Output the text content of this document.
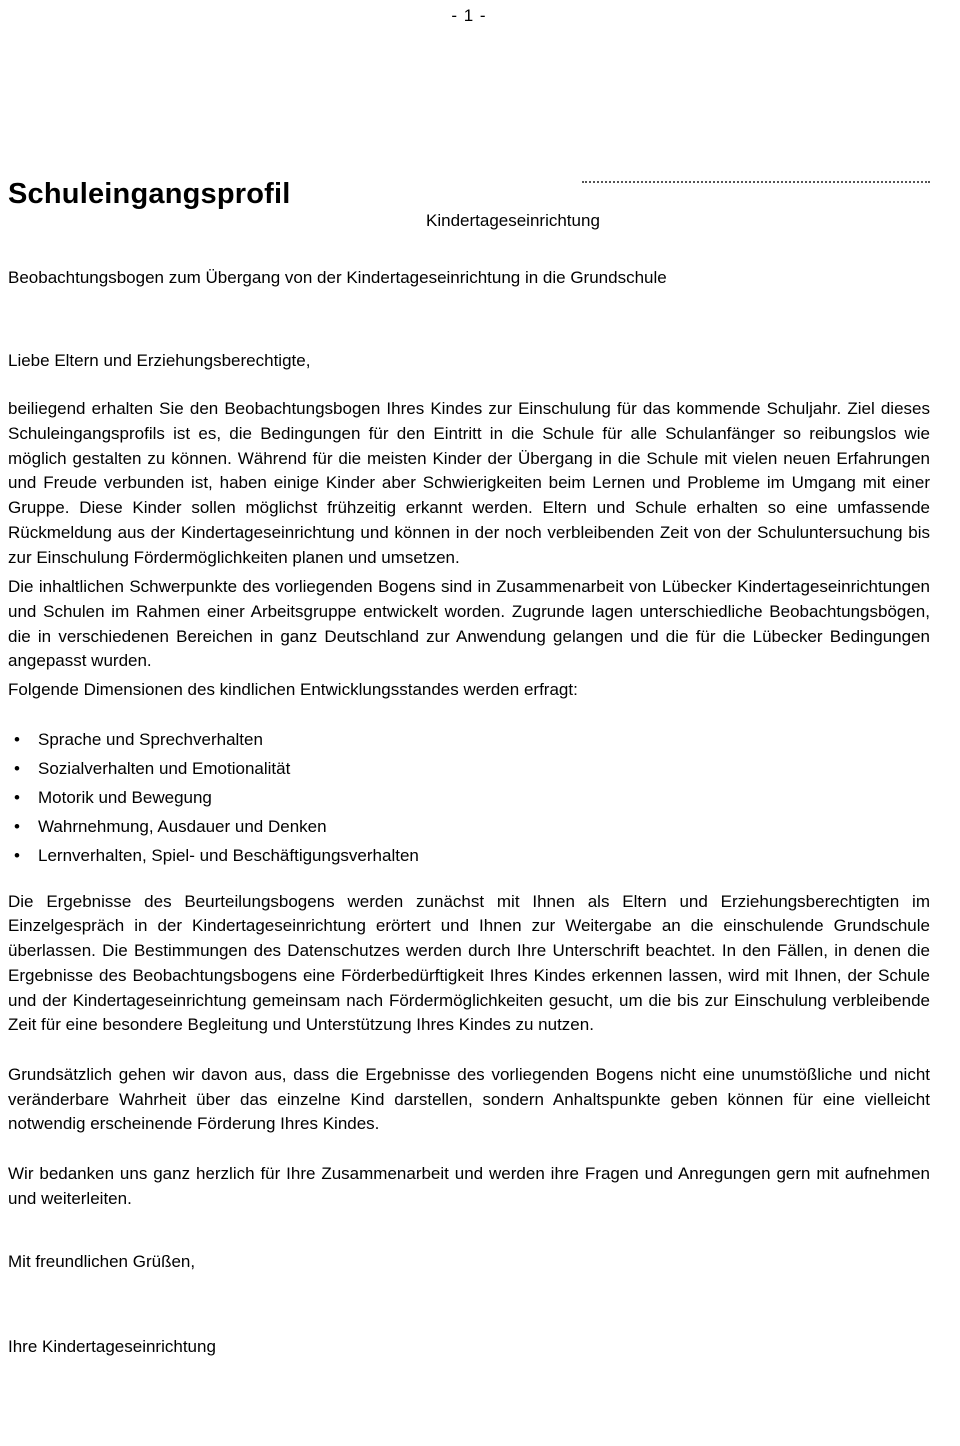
- 1 -
Schuleingangsprofil
Kindertageseinrichtung

Beobachtungsbogen zum Übergang von der Kindertageseinrichtung in die Grundschule

Liebe Eltern und Erziehungsberechtigte,

beiliegend erhalten Sie den Beobachtungsbogen Ihres Kindes zur Einschulung für das kommende Schuljahr. Ziel dieses Schuleingangsprofils ist es, die Bedingungen für den Eintritt in die Schule für alle Schulanfänger so reibungslos wie möglich gestalten zu können. Während für die meisten Kinder der Übergang in die Schule mit vielen neuen Erfahrungen und Freude verbunden ist, haben einige Kinder aber Schwierigkeiten beim Lernen und Probleme im Umgang mit einer Gruppe. Diese Kinder sollen möglichst frühzeitig erkannt werden. Eltern und Schule erhalten so eine umfassende Rückmeldung aus der Kindertageseinrichtung und können in der noch verbleibenden Zeit von der Schuluntersuchung bis zur Einschulung Fördermöglichkeiten planen und umsetzen.

Die inhaltlichen Schwerpunkte des vorliegenden Bogens sind in Zusammenarbeit von Lübecker Kindertageseinrichtungen und Schulen im Rahmen einer Arbeitsgruppe entwickelt worden. Zugrunde lagen unterschiedliche Beobachtungsbögen, die in verschiedenen Bereichen in ganz Deutschland zur Anwendung gelangen und die für die Lübecker Bedingungen angepasst wurden.

Folgende Dimensionen des kindlichen Entwicklungsstandes werden erfragt:

•	Sprache und Sprechverhalten
•	Sozialverhalten und Emotionalität
•	Motorik und Bewegung
•	Wahrnehmung, Ausdauer und Denken
•	Lernverhalten, Spiel- und Beschäftigungsverhalten

Die Ergebnisse des Beurteilungsbogens werden zunächst mit Ihnen als Eltern und Erziehungsberechtigten im Einzelgespräch in der Kindertageseinrichtung erörtert und Ihnen zur Weitergabe an die einschulende Grundschule überlassen. Die Bestimmungen des Datenschutzes werden durch Ihre Unterschrift beachtet. In den Fällen, in denen die Ergebnisse des Beobachtungsbogens eine Förderbedürftigkeit Ihres Kindes erkennen lassen, wird mit Ihnen, der Schule und der Kindertageseinrichtung gemeinsam nach Fördermöglichkeiten gesucht, um die bis zur Einschulung verbleibende Zeit für eine besondere Begleitung und Unterstützung Ihres Kindes zu nutzen.

Grundsätzlich gehen wir davon aus, dass die Ergebnisse des vorliegenden Bogens nicht eine unumstößliche und nicht veränderbare Wahrheit über das einzelne Kind darstellen, sondern Anhaltspunkte geben können für eine vielleicht notwendig erscheinende Förderung Ihres Kindes.

Wir bedanken uns ganz herzlich für Ihre Zusammenarbeit und werden ihre Fragen und Anregungen gern mit aufnehmen und weiterleiten.

Mit freundlichen Grüßen,

Ihre Kindertageseinrichtung
